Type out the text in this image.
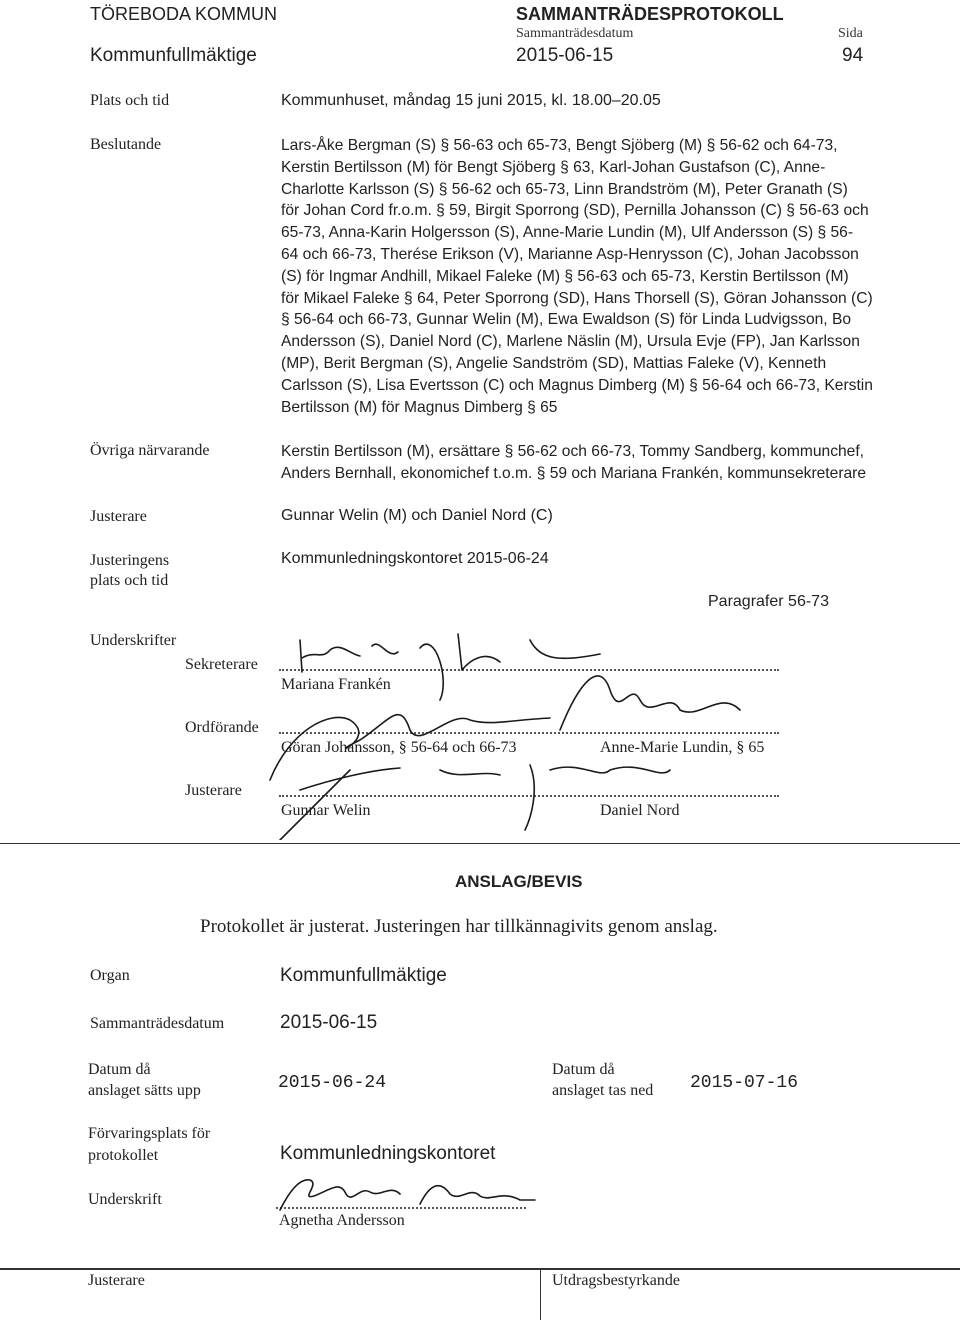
TÖREBODA KOMMUN
Kommunfullmäktige
SAMMANTRÄDESPROTOKOLL
Sammanträdesdatum
2015-06-15
Sida
94
Plats och tid	Kommunhuset, måndag 15 juni 2015, kl. 18.00–20.05
Beslutande	Lars-Åke Bergman (S) § 56-63 och 65-73, Bengt Sjöberg (M) § 56-62 och 64-73,
Kerstin Bertilsson (M) för Bengt Sjöberg § 63, Karl-Johan Gustafson (C), Anne-
Charlotte Karlsson (S) § 56-62 och 65-73, Linn Brandström (M), Peter Granath (S)
för Johan Cord fr.o.m. § 59, Birgit Sporrong (SD), Pernilla Johansson (C) § 56-63 och
65-73, Anna-Karin Holgersson (S), Anne-Marie Lundin (M), Ulf Andersson (S) § 56-
64 och 66-73, Therése Erikson (V), Marianne Asp-Henrysson (C), Johan Jacobsson
(S) för Ingmar Andhill, Mikael Faleke (M) § 56-63 och 65-73, Kerstin Bertilsson (M)
för Mikael Faleke § 64, Peter Sporrong (SD), Hans Thorsell (S), Göran Johansson (C)
§ 56-64 och 66-73, Gunnar Welin (M), Ewa Ewaldson (S) för Linda Ludvigsson, Bo
Andersson (S), Daniel Nord (C), Marlene Näslin (M), Ursula Evje (FP), Jan Karlsson
(MP), Berit Bergman (S), Angelie Sandström (SD), Mattias Faleke (V), Kenneth
Carlsson (S), Lisa Evertsson (C) och Magnus Dimberg (M) § 56-64 och 66-73, Kerstin
Bertilsson (M) för Magnus Dimberg § 65
Övriga närvarande	Kerstin Bertilsson (M), ersättare § 56-62 och 66-73, Tommy Sandberg, kommunchef,
Anders Bernhall, ekonomichef t.o.m. § 59 och Mariana Frankén, kommunsekreterare
Justerare	Gunnar Welin (M) och Daniel Nord (C)
Justeringens
plats och tid
Kommunledningskontoret 2015-06-24
Paragrafer 56-73
Underskrifter
Sekreterare
Mariana Frankén
Ordförande
Göran Johansson, § 56-64 och 66-73	Anne-Marie Lundin, § 65
Justerare
Gunnar Welin	Daniel Nord
ANSLAG/BEVIS
Protokollet är justerat. Justeringen har tillkännagivits genom anslag.
Organ	Kommunfullmäktige
Sammanträdesdatum	2015-06-15
Datum då
anslaget sätts upp	2015-06-24
Datum då
anslaget tas ned 2015-07-16
Förvaringsplats för
protokollet	Kommunledningskontoret
Underskrift
Agnetha Andersson
Justerare	Utdragsbestyrkande
